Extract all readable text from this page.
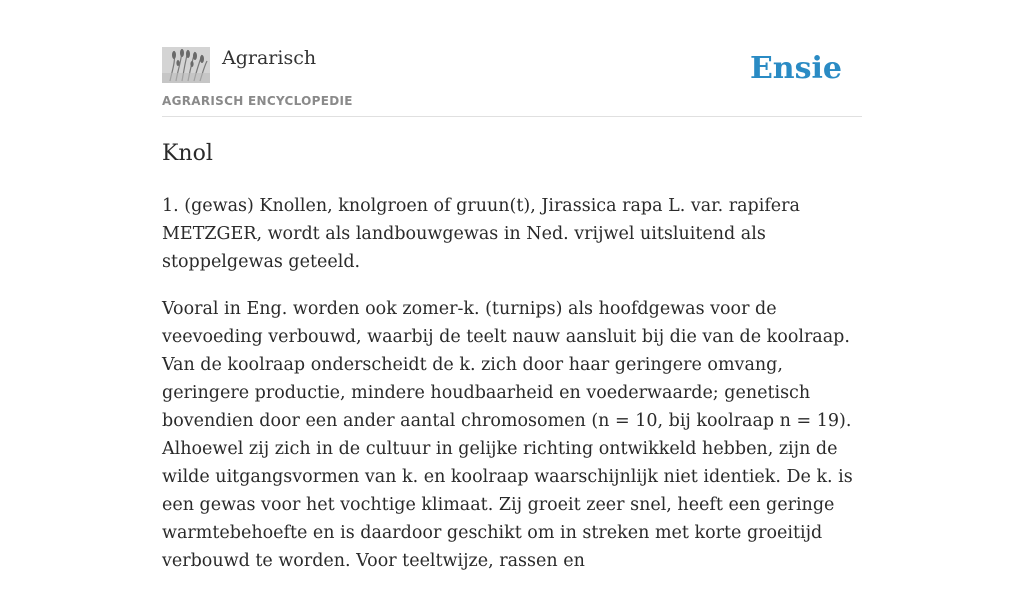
Agrarisch
AGRARISCH ENCYCLOPEDIE
Ensie
Knol

1. (gewas) Knollen, knolgroen of gruun(t), Jirassica rapa L. var. rapifera METZGER, wordt als landbouwgewas in Ned. vrijwel uitsluitend als stoppelgewas geteeld.

Vooral in Eng. worden ook zomer-k. (turnips) als hoofdgewas voor de veevoeding verbouwd, waarbij de teelt nauw aansluit bij die van de koolraap. Van de koolraap onderscheidt de k. zich door haar geringere omvang, geringere productie, mindere houdbaarheid en voederwaarde; genetisch bovendien door een ander aantal chromosomen (n = 10, bij koolraap n = 19). Alhoewel zij zich in de cultuur in gelijke richting ontwikkeld hebben, zijn de wilde uitgangsvormen van k. en koolraap waarschijnlijk niet identiek. De k. is een gewas voor het vochtige klimaat. Zij groeit zeer snel, heeft een geringe warmtebehoefte en is daardoor geschikt om in streken met korte groeitijd verbouwd te worden. Voor teeltwijze, rassen en
